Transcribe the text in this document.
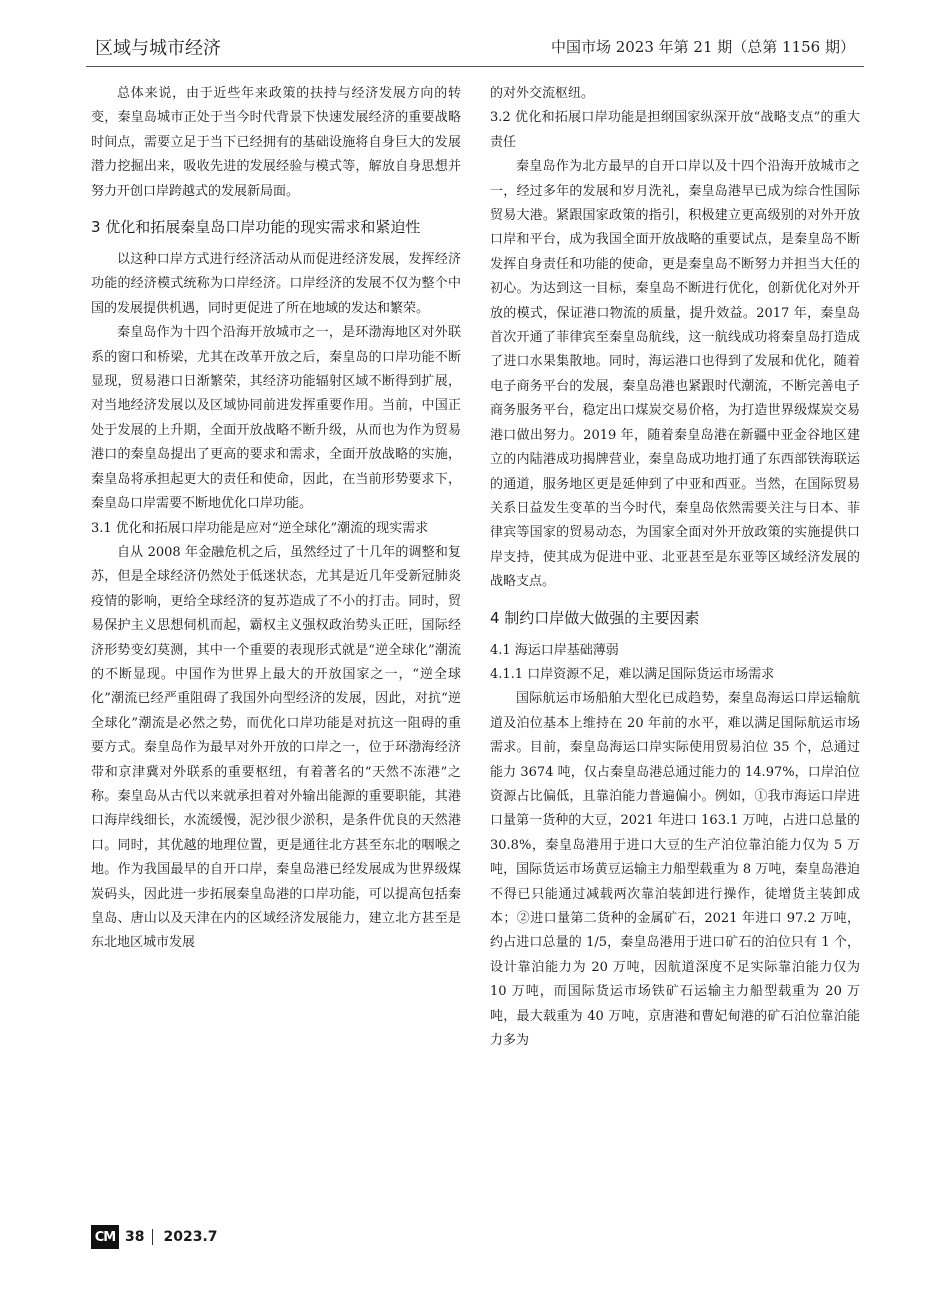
区域与城市经济	中国市场 2023 年第 21 期（总第 1156 期）

总体来说，由于近些年来政策的扶持与经济发展方向的转变，秦皇岛城市正处于当今时代背景下快速发展经济的重要战略时间点，需要立足于当下已经拥有的基础设施将自身巨大的发展潜力挖掘出来，吸收先进的发展经验与模式等，解放自身思想并努力开创口岸跨越式的发展新局面。

3 优化和拓展秦皇岛口岸功能的现实需求和紧迫性

以这种口岸方式进行经济活动从而促进经济发展，发挥经济功能的经济模式统称为口岸经济。口岸经济的发展不仅为整个中国的发展提供机遇，同时更促进了所在地域的发达和繁荣。

秦皇岛作为十四个沿海开放城市之一，是环渤海地区对外联系的窗口和桥梁，尤其在改革开放之后，秦皇岛的口岸功能不断显现，贸易港口日渐繁荣，其经济功能辐射区域不断得到扩展，对当地经济发展以及区域协同前进发挥重要作用。当前，中国正处于发展的上升期，全面开放战略不断升级，从而也为作为贸易港口的秦皇岛提出了更高的要求和需求，全面开放战略的实施，秦皇岛将承担起更大的责任和使命，因此，在当前形势要求下，秦皇岛口岸需要不断地优化口岸功能。

3.1 优化和拓展口岸功能是应对“逆全球化”潮流的现实需求

自从 2008 年金融危机之后，虽然经过了十几年的调整和复苏，但是全球经济仍然处于低迷状态，尤其是近几年受新冠肺炎疫情的影响，更给全球经济的复苏造成了不小的打击。同时，贸易保护主义思想伺机而起，霸权主义强权政治势头正旺，国际经济形势变幻莫测，其中一个重要的表现形式就是“逆全球化”潮流的不断显现。中国作为世界上最大的开放国家之一，“逆全球化”潮流已经严重阻碍了我国外向型经济的发展，因此，对抗“逆全球化”潮流是必然之势，而优化口岸功能是对抗这一阻碍的重要方式。秦皇岛作为最早对外开放的口岸之一，位于环渤海经济带和京津冀对外联系的重要枢纽，有着著名的“天然不冻港”之称。秦皇岛从古代以来就承担着对外输出能源的重要职能，其港口海岸线细长，水流缓慢，泥沙很少淤积，是条件优良的天然港口。同时，其优越的地理位置，更是通往北方甚至东北的咽喉之地。作为我国最早的自开口岸，秦皇岛港已经发展成为世界级煤炭码头，因此进一步拓展秦皇岛港的口岸功能，可以提高包括秦皇岛、唐山以及天津在内的区域经济发展能力，建立北方甚至是东北地区城市发展

的对外交流枢纽。

3.2 优化和拓展口岸功能是担纲国家纵深开放“战略支点”的重大责任

秦皇岛作为北方最早的自开口岸以及十四个沿海开放城市之一，经过多年的发展和岁月洗礼，秦皇岛港早已成为综合性国际贸易大港。紧跟国家政策的指引，积极建立更高级别的对外开放口岸和平台，成为我国全面开放战略的重要试点，是秦皇岛不断发挥自身责任和功能的使命，更是秦皇岛不断努力并担当大任的初心。为达到这一目标，秦皇岛不断进行优化，创新优化对外开放的模式，保证港口物流的质量，提升效益。2017 年，秦皇岛首次开通了菲律宾至秦皇岛航线，这一航线成功将秦皇岛打造成了进口水果集散地。同时，海运港口也得到了发展和优化，随着电子商务平台的发展，秦皇岛港也紧跟时代潮流，不断完善电子商务服务平台，稳定出口煤炭交易价格，为打造世界级煤炭交易港口做出努力。2019 年，随着秦皇岛港在新疆中亚金谷地区建立的内陆港成功揭牌营业，秦皇岛成功地打通了东西部铁海联运的通道，服务地区更是延伸到了中亚和西亚。当然，在国际贸易关系日益发生变革的当今时代，秦皇岛依然需要关注与日本、菲律宾等国家的贸易动态，为国家全面对外开放政策的实施提供口岸支持，使其成为促进中亚、北亚甚至是东亚等区域经济发展的战略支点。

4 制约口岸做大做强的主要因素
4.1 海运口岸基础薄弱
4.1.1 口岸资源不足，难以满足国际货运市场需求

国际航运市场船舶大型化已成趋势，秦皇岛海运口岸运输航道及泊位基本上维持在 20 年前的水平，难以满足国际航运市场需求。目前，秦皇岛海运口岸实际使用贸易泊位 35 个，总通过能力 3674 吨，仅占秦皇岛港总通过能力的 14.97%，口岸泊位资源占比偏低，且靠泊能力普遍偏小。例如，①我市海运口岸进口量第一货种的大豆，2021 年进口 163.1 万吨，占进口总量的 30.8%，秦皇岛港用于进口大豆的生产泊位靠泊能力仅为 5 万吨，国际货运市场黄豆运输主力船型载重为 8 万吨，秦皇岛港迫不得已只能通过减载两次靠泊装卸进行操作，徒增货主装卸成本；②进口量第二货种的金属矿石，2021 年进口 97.2 万吨，约占进口总量的 1/5，秦皇岛港用于进口矿石的泊位只有 1 个，设计靠泊能力为 20 万吨，因航道深度不足实际靠泊能力仅为 10 万吨，而国际货运市场铁矿石运输主力船型载重为 20 万吨，最大载重为 40 万吨，京唐港和曹妃甸港的矿石泊位靠泊能力多为

CM 38	2023.7
